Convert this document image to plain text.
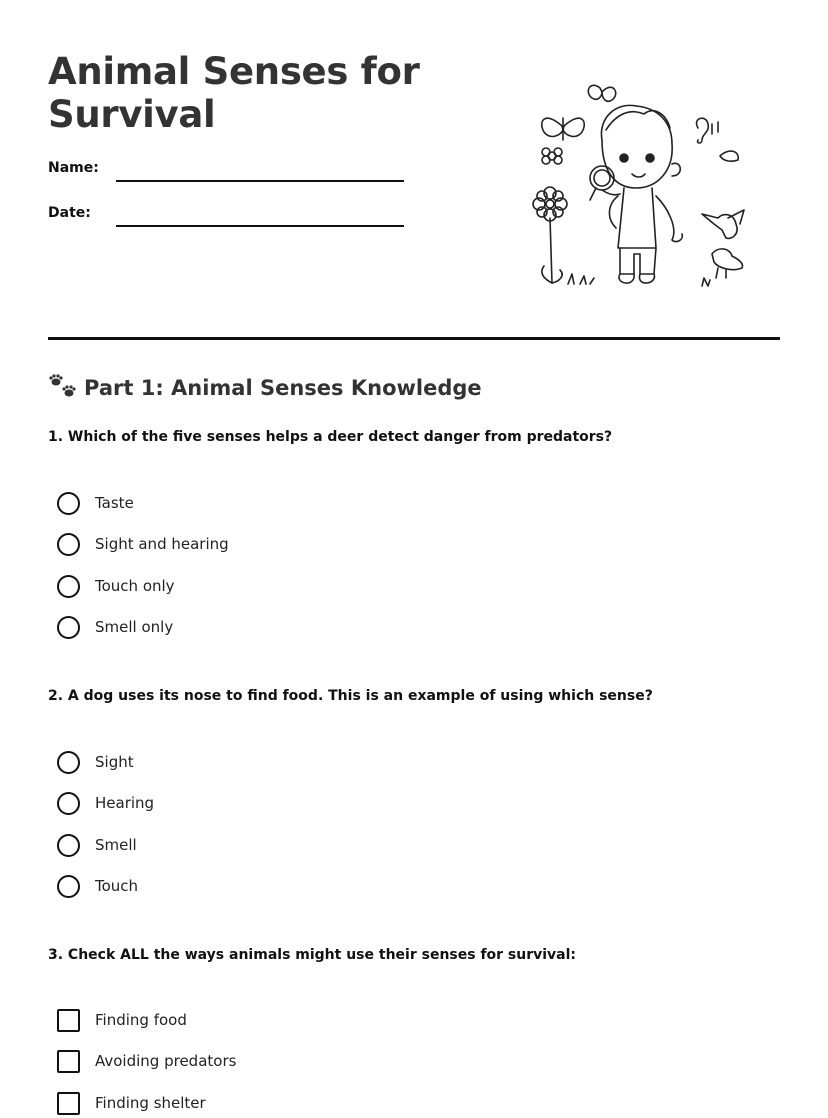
Animal Senses for Survival
Name:
Date:
Part 1: Animal Senses Knowledge
1. Which of the five senses helps a deer detect danger from predators?
Taste
Sight and hearing
Touch only
Smell only
2. A dog uses its nose to find food. This is an example of using which sense?
Sight
Hearing
Smell
Touch
3. Check ALL the ways animals might use their senses for survival:
Finding food
Avoiding predators
Finding shelter
